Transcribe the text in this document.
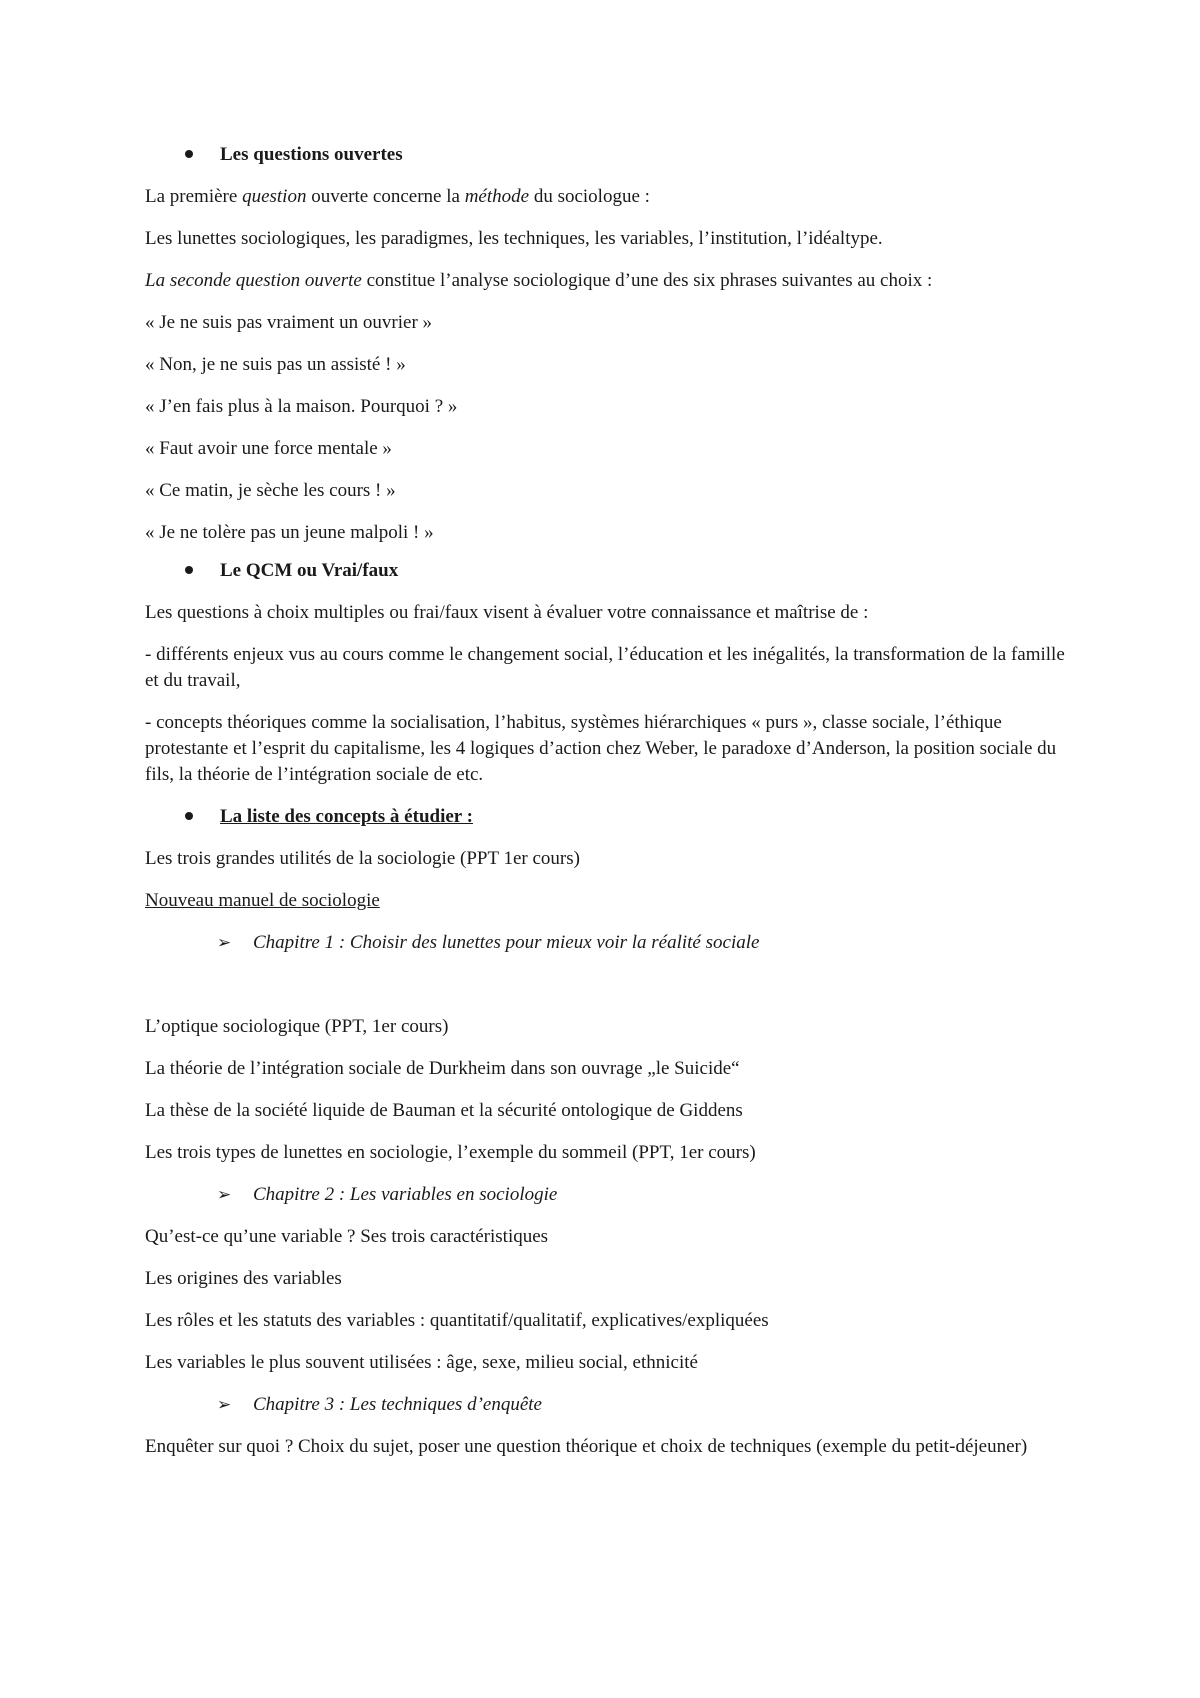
Les questions ouvertes

La première question ouverte concerne la méthode du sociologue :

Les lunettes sociologiques, les paradigmes, les techniques, les variables, l’institution, l’idéaltype.

La seconde question ouverte constitue l’analyse sociologique d’une des six phrases suivantes au choix :

« Je ne suis pas vraiment un ouvrier »

« Non, je ne suis pas un assisté ! »

« J’en fais plus à la maison. Pourquoi ? »

« Faut avoir une force mentale »

« Ce matin, je sèche les cours ! »

« Je ne tolère pas un jeune malpoli ! »

Le QCM ou Vrai/faux

Les questions à choix multiples ou frai/faux visent à évaluer votre connaissance et maîtrise de :

- différents enjeux vus au cours comme le changement social, l’éducation et les inégalités, la transformation de la famille et du travail,

- concepts théoriques comme la socialisation, l’habitus, systèmes hiérarchiques « purs », classe sociale, l’éthique protestante et l’esprit du capitalisme, les 4 logiques d’action chez Weber, le paradoxe d’Anderson, la position sociale du fils, la théorie de l’intégration sociale de etc.

La liste des concepts à étudier :

Les trois grandes utilités de la sociologie (PPT 1er cours)

Nouveau manuel de sociologie

➢ Chapitre 1 : Choisir des lunettes pour mieux voir la réalité sociale

L’optique sociologique (PPT, 1er cours)

La théorie de l’intégration sociale de Durkheim dans son ouvrage „le Suicide“

La thèse de la société liquide de Bauman et la sécurité ontologique de Giddens

Les trois types de lunettes en sociologie, l’exemple du sommeil (PPT, 1er cours)

➢ Chapitre 2 : Les variables en sociologie

Qu’est-ce qu’une variable ? Ses trois caractéristiques

Les origines des variables

Les rôles et les statuts des variables : quantitatif/qualitatif, explicatives/expliquées

Les variables le plus souvent utilisées : âge, sexe, milieu social, ethnicité

➢ Chapitre 3 : Les techniques d’enquête

Enquêter sur quoi ? Choix du sujet, poser une question théorique et choix de techniques (exemple du petit-déjeuner)
